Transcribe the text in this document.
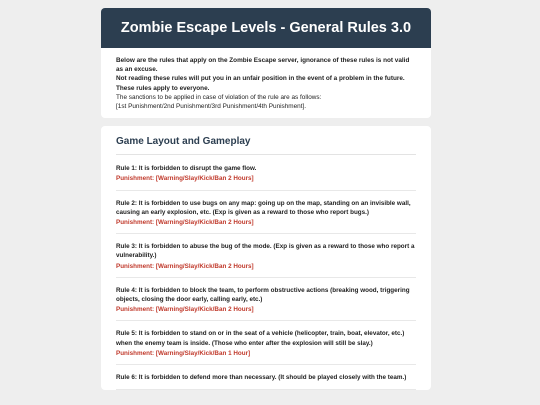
Zombie Escape Levels - General Rules 3.0
Below are the rules that apply on the Zombie Escape server, ignorance of these rules is not valid as an excuse.
Not reading these rules will put you in an unfair position in the event of a problem in the future.
These rules apply to everyone.
The sanctions to be applied in case of violation of the rule are as follows:
[1st Punishment/2nd Punishment/3rd Punishment/4th Punishment].
Game Layout and Gameplay
Rule 1: It is forbidden to disrupt the game flow.
Punishment: [Warning/Slay/Kick/Ban 2 Hours]
Rule 2: It is forbidden to use bugs on any map: going up on the map, standing on an invisible wall, causing an early explosion, etc. (Exp is given as a reward to those who report bugs.)
Punishment: [Warning/Slay/Kick/Ban 2 Hours]
Rule 3: It is forbidden to abuse the bug of the mode. (Exp is given as a reward to those who report a vulnerability.)
Punishment: [Warning/Slay/Kick/Ban 2 Hours]
Rule 4: It is forbidden to block the team, to perform obstructive actions (breaking wood, triggering objects, closing the door early, calling early, etc.)
Punishment: [Warning/Slay/Kick/Ban 2 Hours]
Rule 5: It is forbidden to stand on or in the seat of a vehicle (helicopter, train, boat, elevator, etc.) when the enemy team is inside. (Those who enter after the explosion will still be slay.)
Punishment: [Warning/Slay/Kick/Ban 1 Hour]
Rule 6: It is forbidden to defend more than necessary. (It should be played closely with the team.)
